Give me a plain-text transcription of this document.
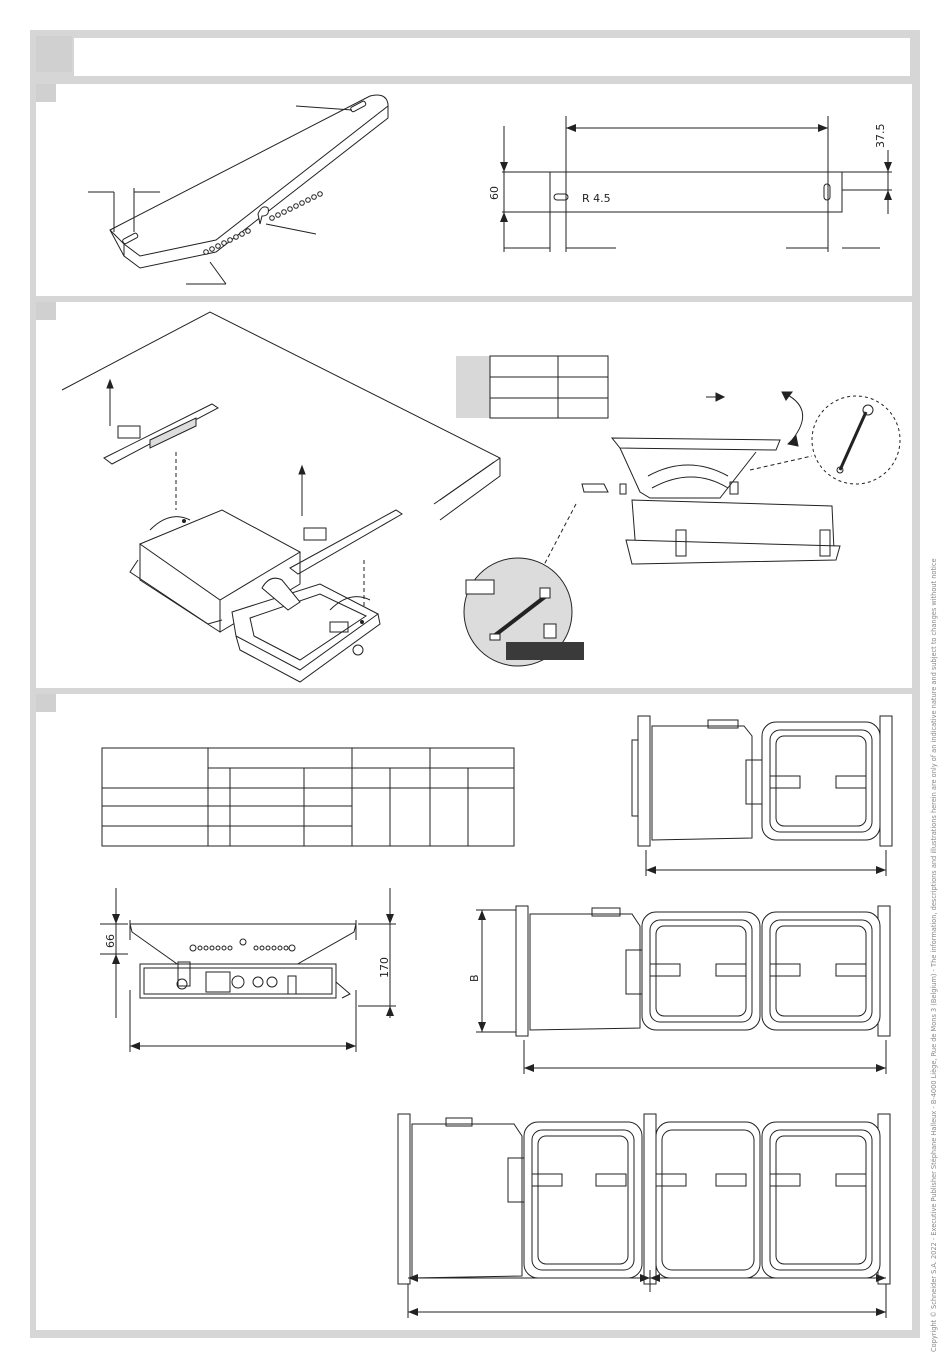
60	R 4.5
37.5
66
170
B	Copyright © Schneider S.A. 2022 - Executive Publisher Stéphane Halleux - B-4000 Liège, Rue de Mons 3 (Belgium) - The information, descriptions and illustrations herein are only of an indicative nature and subject to changes without notice
